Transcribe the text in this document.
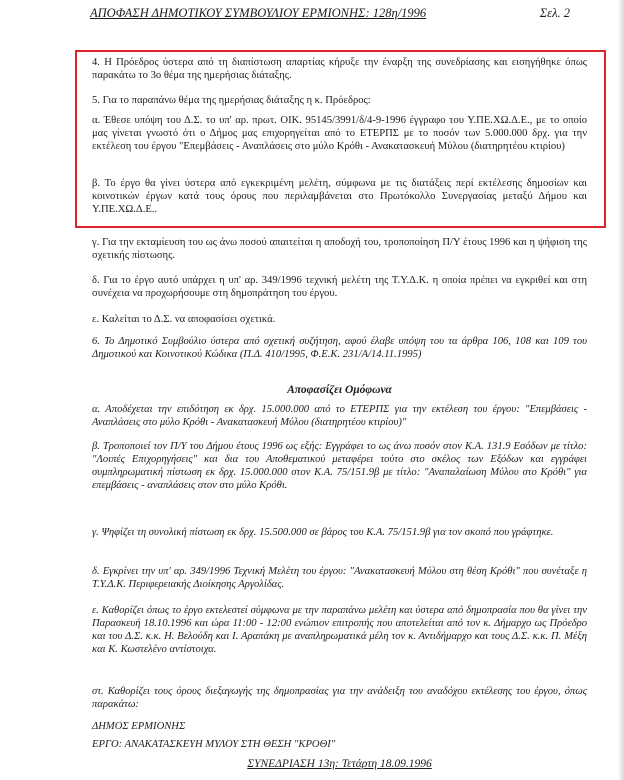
ΑΠΟΦΑΣΗ ΔΗΜΟΤΙΚΟΥ ΣΥΜΒΟΥΛΙΟΥ ΕΡΜΙΟΝΗΣ: 128η/1996	Σελ. 2
4. Η Πρόεδρος ύστερα από τη διαπίστωση απαρτίας κήρυξε την έναρξη της συνεδρίασης και εισηγήθηκε όπως παρακάτω το 3ο θέμα της ημερήσιας διάταξης.
5. Για το παραπάνω θέμα της ημερήσιας διάταξης η κ. Πρόεδρος:
α. Έθεσε υπόψη του Δ.Σ. το υπ' αρ. πρωτ. ΟΙΚ. 95145/3991/δ/4-9-1996 έγγραφο του Υ.ΠΕ.ΧΩ.Δ.Ε., με το οποίο μας γίνεται γνωστό ότι ο Δήμος μας επιχορηγείται από το ΕΤΕΡΠΣ με το ποσόν των 5.000.000 δρχ. για την εκτέλεση του έργου "Επεμβάσεις - Αναπλάσεις στο μύλο Κρόθι - Ανακατασκευή Μύλου (διατηρητέου κτιρίου)
β. Το έργο θα γίνει ύστερα από εγκεκριμένη μελέτη, σύμφωνα με τις διατάξεις περί εκτέλεσης δημοσίων και κοινοτικών έργων κατά τους όρους που περιλαμβάνεται στο Πρωτόκολλο Συνεργασίας μεταξύ Δήμου και Υ.ΠΕ.ΧΩ.Δ.Ε..
γ. Για την εκταμίευση του ως άνω ποσού απαιτείται η αποδοχή του, τροποποίηση Π/Υ έτους 1996 και η ψήφιση της σχετικής πίστωσης.
δ. Για το έργο αυτό υπάρχει η υπ' αρ. 349/1996 τεχνική μελέτη της Τ.Υ.Δ.Κ. η οποία πρέπει να εγκριθεί και στη συνέχεια να προχωρήσουμε στη δημοπράτηση του έργου.
ε. Καλείται το Δ.Σ. να αποφασίσει σχετικά.
6. Το Δημοτικό Συμβούλιο ύστερα από σχετική συζήτηση, αφού έλαβε υπόψη του τα άρθρα 106, 108 και 109 του Δημοτικού και Κοινοτικού Κώδικα (Π.Δ. 410/1995, Φ.Ε.Κ. 231/Α/14.11.1995)
Αποφασίζει Ομόφωνα
α. Αποδέχεται την επιδότηση εκ δρχ. 15.000.000 από το ΕΤΕΡΠΣ για την εκτέλεση του έργου: "Επεμβάσεις - Αναπλάσεις στο μύλο Κρόθι - Ανακατασκευή Μύλου (διατηρητέου κτιρίου)"
β. Τροποποιεί τον Π/Υ του Δήμου έτους 1996 ως εξής: Εγγράφει το ως άνω ποσόν στον Κ.Α. 131.9 Εσόδων με τίτλο: "Λοιπές Επιχορηγήσεις" και δια του Αποθεματικού μεταφέρει τούτο στο σκέλος των Εξόδων και εγγράφει συμπληρωματική πίστωση εκ δρχ. 15.000.000 στον Κ.Α. 75/151.9β με τίτλο: "Αναπαλαίωση Μύλου στο Κρόθι" για επεμβάσεις - αναπλάσεις στον στο μύλο Κρόθι.
γ. Ψηφίζει τη συνολική πίστωση εκ δρχ. 15.500.000 σε βάρος του Κ.Α. 75/151.9β για τον σκοπό που γράφτηκε.
δ. Εγκρίνει την υπ' αρ. 349/1996 Τεχνική Μελέτη του έργου: "Ανακατασκευή Μύλου στη θέση Κρόθι" που συνέταξε η Τ.Υ.Δ.Κ. Περιφερειακής Διοίκησης Αργολίδας.
ε. Καθορίζει όπως το έργο εκτελεστεί σύμφωνα με την παραπάνω μελέτη και ύστερα από δημοπρασία που θα γίνει την Παρασκευή 18.10.1996 και ώρα 11:00 - 12:00 ενώπιον επιτροπής που αποτελείται από τον κ. Δήμαρχο ως Πρόεδρο και του Δ.Σ. κ.κ. Η. Βελούδη και Ι. Αραπάκη με αναπληρωματικά μέλη τον κ. Αντιδήμαρχο και τους Δ.Σ. κ.κ. Π. Μέξη και Κ. Κωστελένο αντίστοιχα.
στ. Καθορίζει τους όρους διεξαγωγής της δημοπρασίας για την ανάδειξη του αναδόχου εκτέλεσης του έργου, όπως παρακάτω:
ΔΗΜΟΣ ΕΡΜΙΟΝΗΣ
ΕΡΓΟ: ΑΝΑΚΑΤΑΣΚΕΥΗ ΜΥΛΟΥ ΣΤΗ ΘΕΣΗ "ΚΡΟΘΙ"
ΣΥΝΕΔΡΙΑΣΗ 13η: Τετάρτη 18.09.1996
